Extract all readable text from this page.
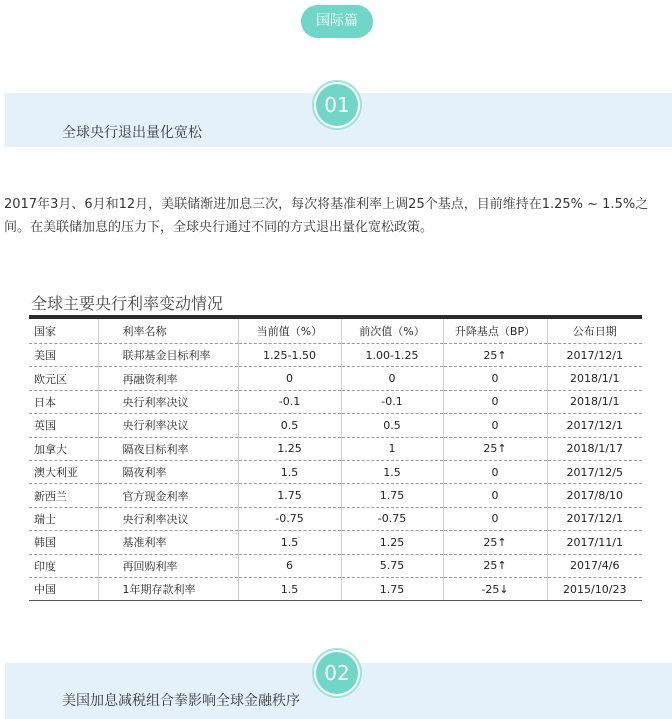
国际篇
01
全球央行退出量化宽松
2017年3月、6月和12月，美联储渐进加息三次，每次将基准利率上调25个基点，目前维持在1.25% ~ 1.5%之间。在美联储加息的压力下，全球央行通过不同的方式退出量化宽松政策。
全球主要央行利率变动情况
国家	利率名称	当前值（%）	前次值（%）	升降基点（BP）	公布日期
美国	联邦基金目标利率	1.25-1.50	1.00-1.25	25↑	2017/12/1
欧元区	再融资利率	0	0	0	2018/1/1
日本	央行利率决议	-0.1	-0.1	0	2018/1/1
英国	央行利率决议	0.5	0.5	0	2017/12/1
加拿大	隔夜目标利率	1.25	1	25↑	2018/1/17
澳大利亚	隔夜利率	1.5	1.5	0	2017/12/5
新西兰	官方现金利率	1.75	1.75	0	2017/8/10
瑞士	央行利率决议	-0.75	-0.75	0	2017/12/1
韩国	基准利率	1.5	1.25	25↑	2017/11/1
印度	再回购利率	6	5.75	25↑	2017/4/6
中国	1年期存款利率	1.5	1.75	-25↓	2015/10/23
02
美国加息减税组合拳影响全球金融秩序
